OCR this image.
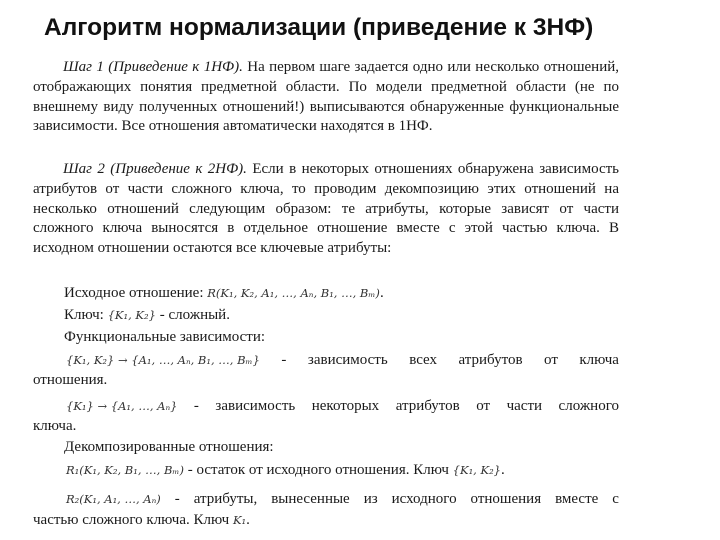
Алгоритм нормализации (приведение к 3НФ)
Шаг 1 (Приведение к 1НФ). На первом шаге задается одно или несколько отношений, отображающих понятия предметной области. По модели предметной области (не по внешнему виду полученных отношений!) выписываются обнаруженные функциональные зависимости. Все отношения автоматически находятся в 1НФ.
Шаг 2 (Приведение к 2НФ). Если в некоторых отношениях обнаружена зависимость атрибутов от части сложного ключа, то проводим декомпозицию этих отношений на несколько отношений следующим образом: те атрибуты, которые зависят от части сложного ключа выносятся в отдельное отношение вместе с этой частью ключа. В исходном отношении остаются все ключевые атрибуты:
Исходное отношение: R(K₁, K₂, A₁, …, Aₙ, B₁, …, Bₘ).
Ключ: {K₁, K₂} - сложный.
Функциональные зависимости:
{K₁, K₂} → {A₁, …, Aₙ, B₁, …, Bₘ} - зависимость всех атрибутов от ключа
отношения.
{K₁} → {A₁, …, Aₙ} - зависимость некоторых атрибутов от части сложного
ключа.
Декомпозированные отношения:
R₁(K₁, K₂, B₁, …, Bₘ) - остаток от исходного отношения. Ключ {K₁, K₂}.
R₂(K₁, A₁, …, Aₙ) - атрибуты, вынесенные из исходного отношения вместе с
частью сложного ключа. Ключ K₁.
